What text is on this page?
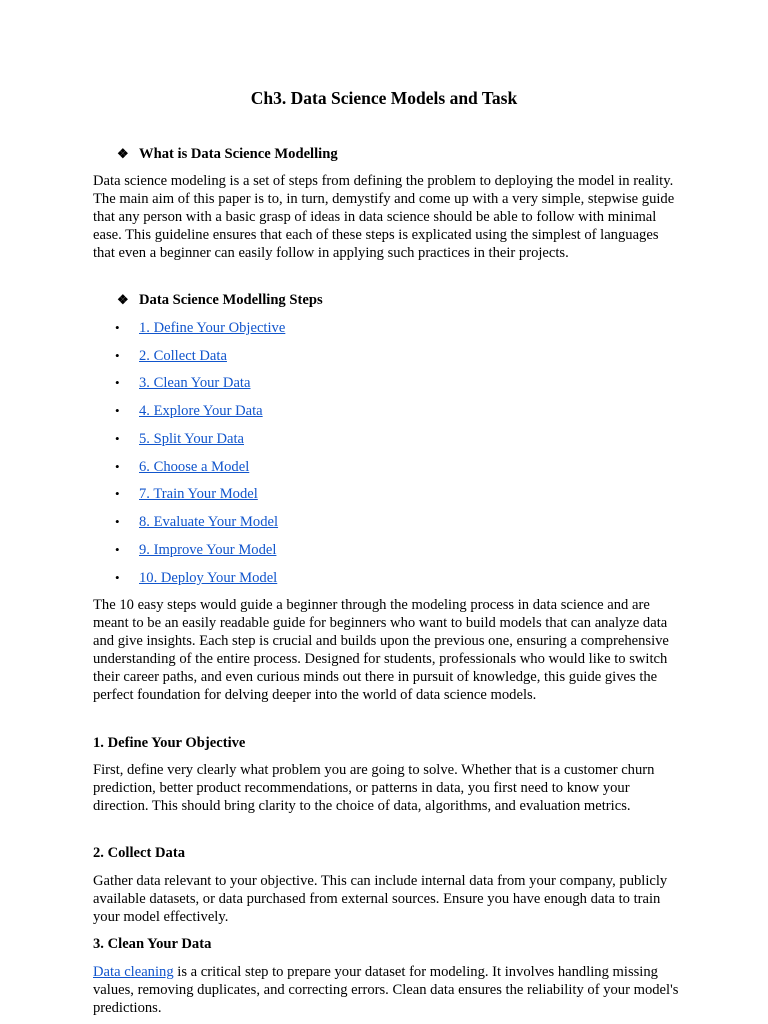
Ch3. Data Science Models and Task
❖ What is Data Science Modelling

Data science modeling is a set of steps from defining the problem to deploying the model in reality. The main aim of this paper is to, in turn, demystify and come up with a very simple, stepwise guide that any person with a basic grasp of ideas in data science should be able to follow with minimal ease. This guideline ensures that each of these steps is explicated using the simplest of languages that even a beginner can easily follow in applying such practices in their projects.

❖ Data Science Modelling Steps
• 1. Define Your Objective
• 2. Collect Data
• 3. Clean Your Data
• 4. Explore Your Data
• 5. Split Your Data
• 6. Choose a Model
• 7. Train Your Model
• 8. Evaluate Your Model
• 9. Improve Your Model
• 10. Deploy Your Model

The 10 easy steps would guide a beginner through the modeling process in data science and are meant to be an easily readable guide for beginners who want to build models that can analyze data and give insights. Each step is crucial and builds upon the previous one, ensuring a comprehensive understanding of the entire process. Designed for students, professionals who would like to switch their career paths, and even curious minds out there in pursuit of knowledge, this guide gives the perfect foundation for delving deeper into the world of data science models.

1. Define Your Objective

First, define very clearly what problem you are going to solve. Whether that is a customer churn prediction, better product recommendations, or patterns in data, you first need to know your direction. This should bring clarity to the choice of data, algorithms, and evaluation metrics.

2. Collect Data

Gather data relevant to your objective. This can include internal data from your company, publicly available datasets, or data purchased from external sources. Ensure you have enough data to train your model effectively.

3. Clean Your Data

Data cleaning is a critical step to prepare your dataset for modeling. It involves handling missing values, removing duplicates, and correcting errors. Clean data ensures the reliability of your model's predictions.
